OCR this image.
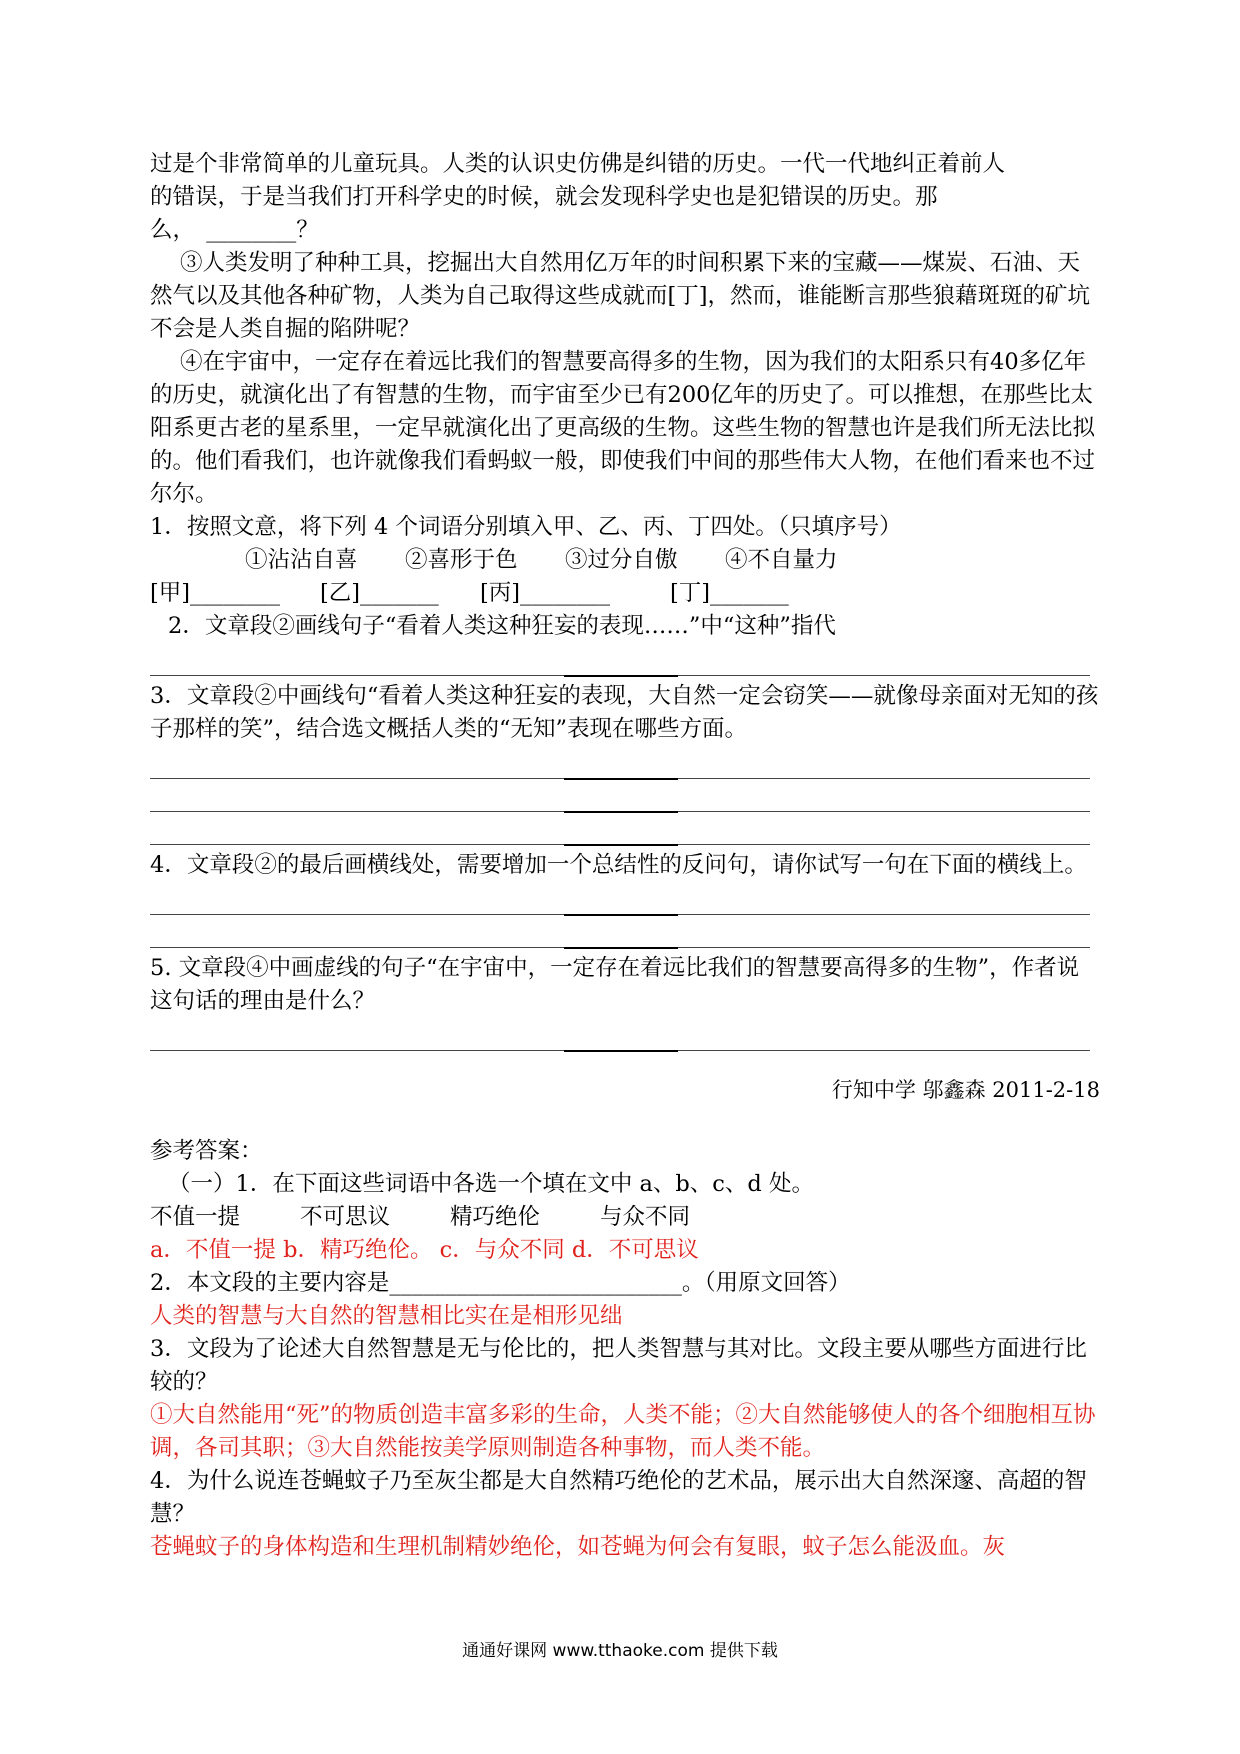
过是个非常简单的儿童玩具。人类的认识史仿佛是纠错的历史。一代一代地纠正着前人

的错误，于是当我们打开科学史的时候，就会发现科学史也是犯错误的历史。那

么，　________？

③人类发明了种种工具，挖掘出大自然用亿万年的时间积累下来的宝藏——煤炭、石油、天然气以及其他各种矿物，人类为自己取得这些成就而[丁]，然而，谁能断言那些狼藉斑斑的矿坑不会是人类自掘的陷阱呢？

④在宇宙中，一定存在着远比我们的智慧要高得多的生物，因为我们的太阳系只有40多亿年的历史，就演化出了有智慧的生物，而宇宙至少已有200亿年的历史了。可以推想，在那些比太阳系更古老的星系里，一定早就演化出了更高级的生物。这些生物的智慧也许是我们所无法比拟的。他们看我们，也许就像我们看蚂蚁一般，即使我们中间的那些伟大人物，在他们看来也不过尔尔。

1．按照文意，将下列 4 个词语分别填入甲、乙、丙、丁四处。（只填序号）

①沾沾自喜 ②喜形于色 ③过分自傲 ④不自量力

[甲]________ [乙]_______ [丙]________	[丁]_______

2．文章段②画线句子“看着人类这种狂妄的表现……”中“这种”指代

3．文章段②中画线句“看着人类这种狂妄的表现，大自然一定会窃笑——就像母亲面对无知的孩子那样的笑”，结合选文概括人类的“无知”表现在哪些方面。

4．文章段②的最后画横线处，需要增加一个总结性的反问句，请你试写一句在下面的横线上。

5. 文章段④中画虚线的句子“在宇宙中，一定存在着远比我们的智慧要高得多的生物”，作者说这句话的理由是什么？

行知中学 邬鑫森 2011-2-18

参考答案：

（一）1．在下面这些词语中各选一个填在文中 a、b、c、d 处。

不值一提	不可思议	精巧绝伦	与众不同

a．不值一提 b．精巧绝伦。 c．与众不同 d．不可思议

2．本文段的主要内容是__________________________。（用原文回答）

人类的智慧与大自然的智慧相比实在是相形见绌

3．文段为了论述大自然智慧是无与伦比的，把人类智慧与其对比。文段主要从哪些方面进行比较的？

①大自然能用“死”的物质创造丰富多彩的生命，人类不能；②大自然能够使人的各个细胞相互协调，各司其职；③大自然能按美学原则制造各种事物，而人类不能。

4．为什么说连苍蝇蚊子乃至灰尘都是大自然精巧绝伦的艺术品，展示出大自然深邃、高超的智慧？

苍蝇蚊子的身体构造和生理机制精妙绝伦，如苍蝇为何会有复眼，蚊子怎么能汲血。灰

通通好课网 www.tthaoke.com 提供下载
